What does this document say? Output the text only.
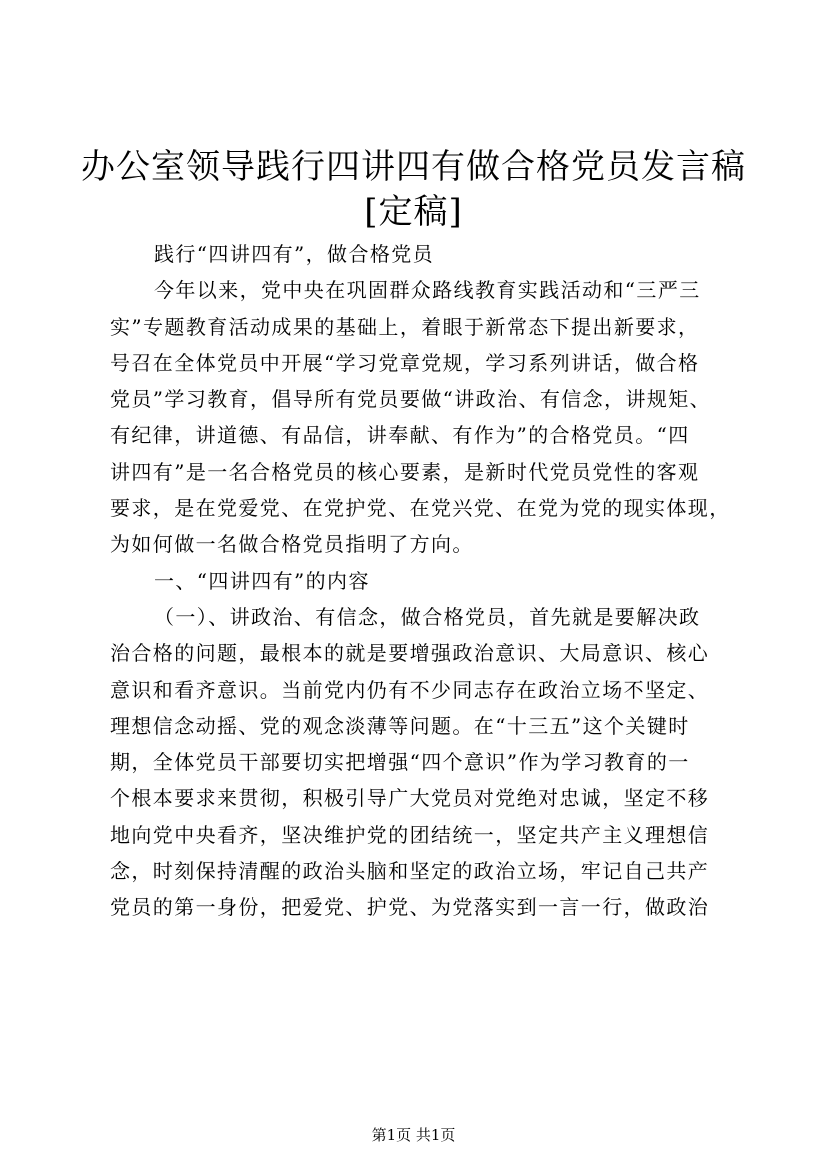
办公室领导践行四讲四有做合格党员发言稿
[定稿]
践行“四讲四有”，做合格党员
今年以来，党中央在巩固群众路线教育实践活动和“三严三
实”专题教育活动成果的基础上，着眼于新常态下提出新要求，
号召在全体党员中开展“学习党章党规，学习系列讲话，做合格
党员”学习教育，倡导所有党员要做“讲政治、有信念，讲规矩、
有纪律，讲道德、有品信，讲奉献、有作为”的合格党员。“四
讲四有”是一名合格党员的核心要素，是新时代党员党性的客观
要求，是在党爱党、在党护党、在党兴党、在党为党的现实体现，
为如何做一名做合格党员指明了方向。
一、“四讲四有”的内容
（一）、讲政治、有信念，做合格党员，首先就是要解决政
治合格的问题，最根本的就是要增强政治意识、大局意识、核心
意识和看齐意识。当前党内仍有不少同志存在政治立场不坚定、
理想信念动摇、党的观念淡薄等问题。在“十三五”这个关键时
期，全体党员干部要切实把增强“四个意识”作为学习教育的一
个根本要求来贯彻，积极引导广大党员对党绝对忠诚，坚定不移
地向党中央看齐，坚决维护党的团结统一，坚定共产主义理想信
念，时刻保持清醒的政治头脑和坚定的政治立场，牢记自己共产
党员的第一身份，把爱党、护党、为党落实到一言一行，做政治
第1页 共1页
